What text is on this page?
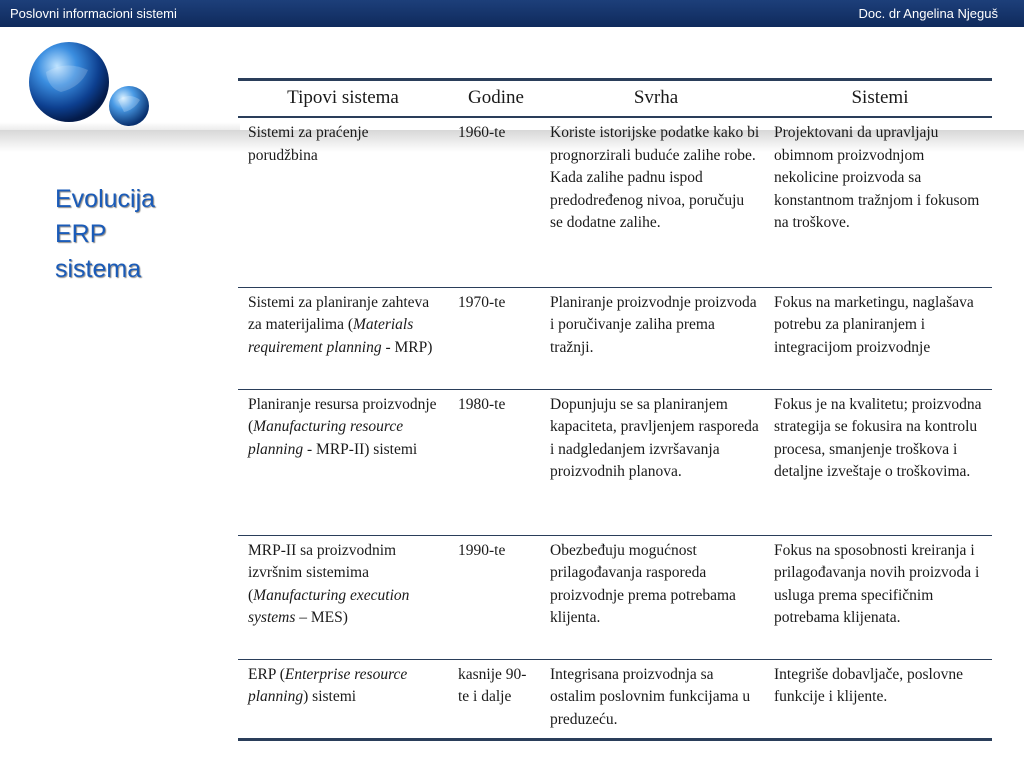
Poslovni informacioni sistemi	Doc. dr Angelina Njeguš
Evolucija
ERP
sistema
Tipovi sistema	Godine	Svrha	Sistemi
Sistemi za praćenje porudžbina	1960-te	Koriste istorijske podatke kako bi prognorzirali buduće zalihe robe. Kada zalihe padnu ispod predodređenog nivoa, poručuju se dodatne zalihe.	Projektovani da upravljaju obimnom proizvodnjom nekolicine proizvoda sa konstantnom tražnjom i fokusom na troškove.
Sistemi za planiranje zahteva za materijalima (Materials requirement planning - MRP)	1970-te	Planiranje proizvodnje proizvoda i poručivanje zaliha prema tražnji.	Fokus na marketingu, naglašava potrebu za planiranjem i integracijom proizvodnje
Planiranje resursa proizvodnje (Manufacturing resource planning - MRP-II) sistemi	1980-te	Dopunjuju se sa planiranjem kapaciteta, pravljenjem rasporeda i nadgledanjem izvršavanja proizvodnih planova.	Fokus je na kvalitetu; proizvodna strategija se fokusira na kontrolu procesa, smanjenje troškova i detaljne izveštaje o troškovima.
MRP-II sa proizvodnim izvršnim sistemima (Manufacturing execution systems – MES)	1990-te	Obezbeđuju mogućnost prilagođavanja rasporeda proizvodnje prema potrebama klijenta.	Fokus na sposobnosti kreiranja i prilagođavanja novih proizvoda i usluga prema specifičnim potrebama klijenata.
ERP (Enterprise resource planning) sistemi	kasnije 90-te i dalje	Integrisana proizvodnja sa ostalim poslovnim funkcijama u preduzeću.	Integriše dobavljače, poslovne funkcije i klijente.
